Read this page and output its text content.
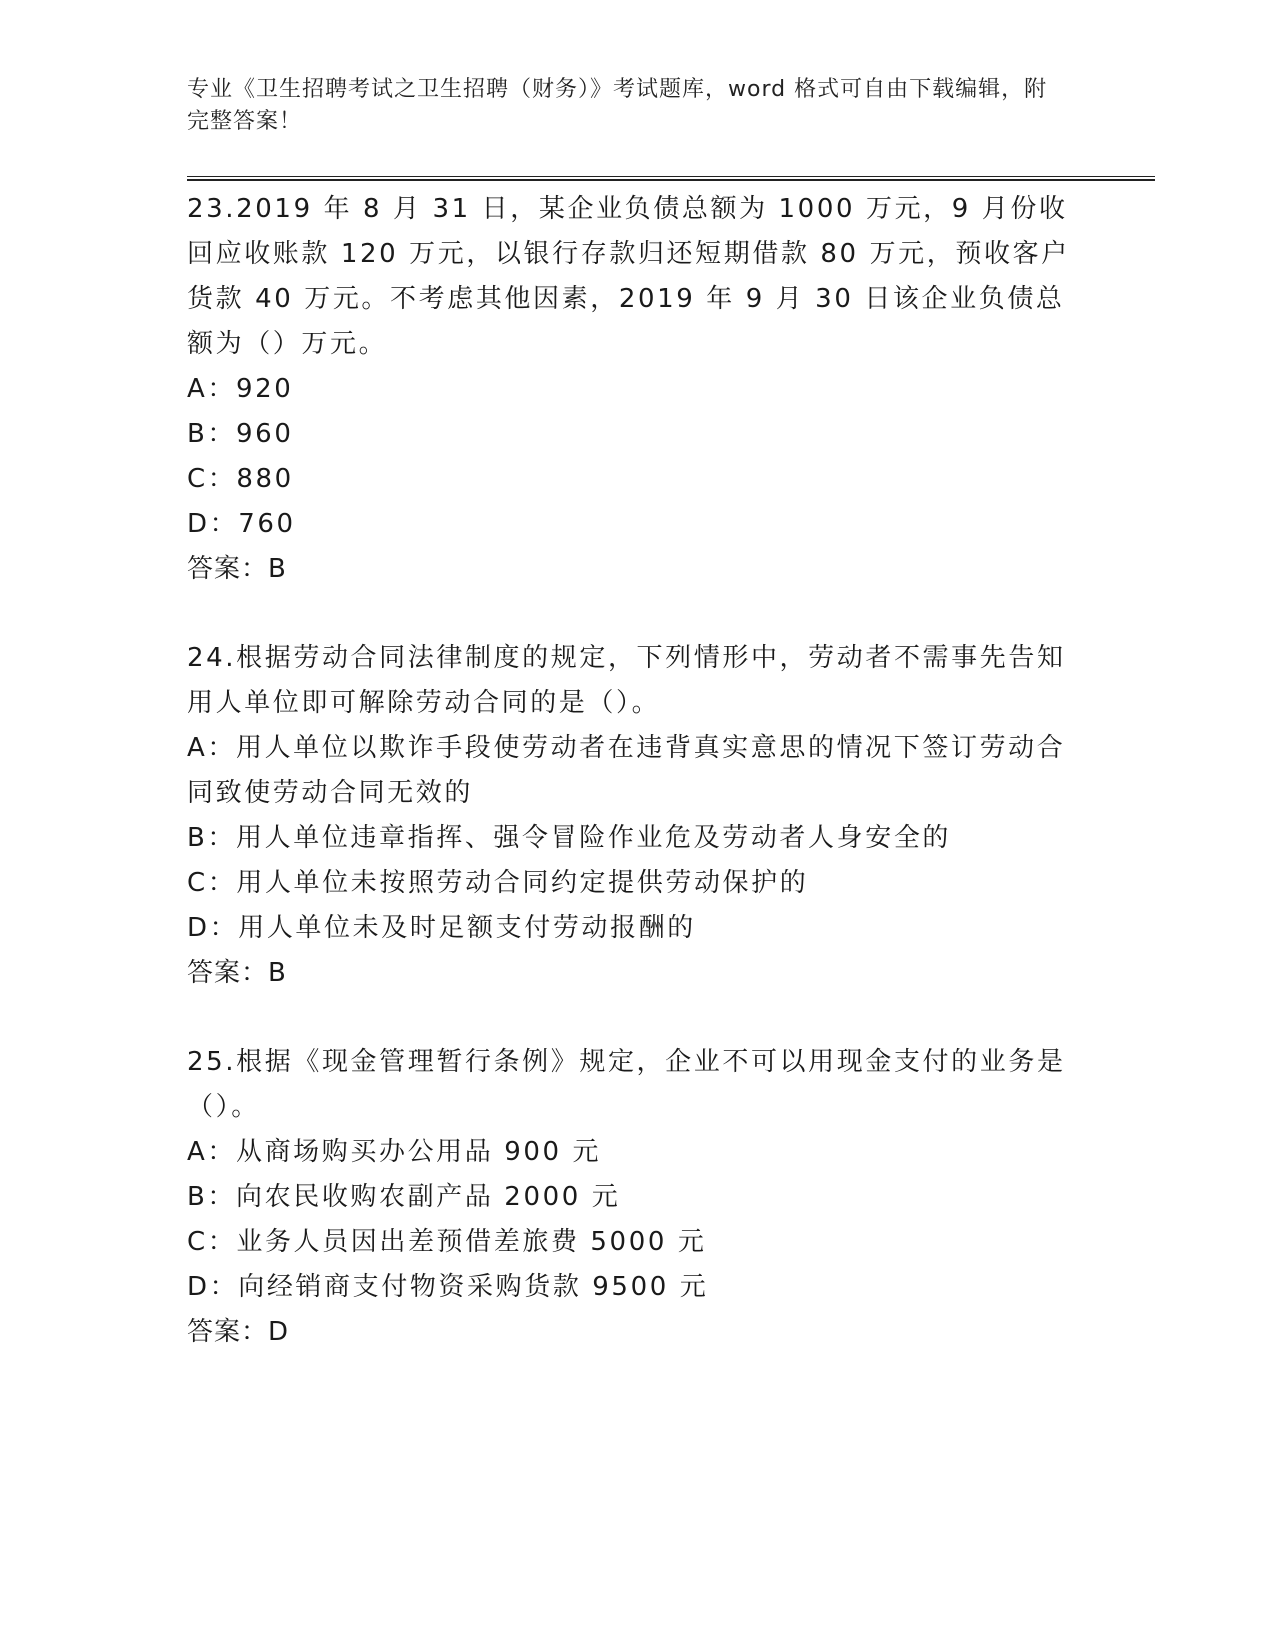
专业《卫生招聘考试之卫生招聘（财务）》考试题库，word 格式可自由下载编辑，附完整答案！
23.2019 年 8 月 31 日，某企业负债总额为 1000 万元，9 月份收回应收账款 120 万元，以银行存款归还短期借款 80 万元，预收客户货款 40 万元。不考虑其他因素，2019 年 9 月 30 日该企业负债总额为（）万元。
A：920
B：960
C：880
D：760
答案：B
24.根据劳动合同法律制度的规定，下列情形中，劳动者不需事先告知用人单位即可解除劳动合同的是（）。
A：用人单位以欺诈手段使劳动者在违背真实意思的情况下签订劳动合同致使劳动合同无效的
B：用人单位违章指挥、强令冒险作业危及劳动者人身安全的
C：用人单位未按照劳动合同约定提供劳动保护的
D：用人单位未及时足额支付劳动报酬的
答案：B
25.根据《现金管理暂行条例》规定，企业不可以用现金支付的业务是（）。
A：从商场购买办公用品 900 元
B：向农民收购农副产品 2000 元
C：业务人员因出差预借差旅费 5000 元
D：向经销商支付物资采购货款 9500 元
答案：D
